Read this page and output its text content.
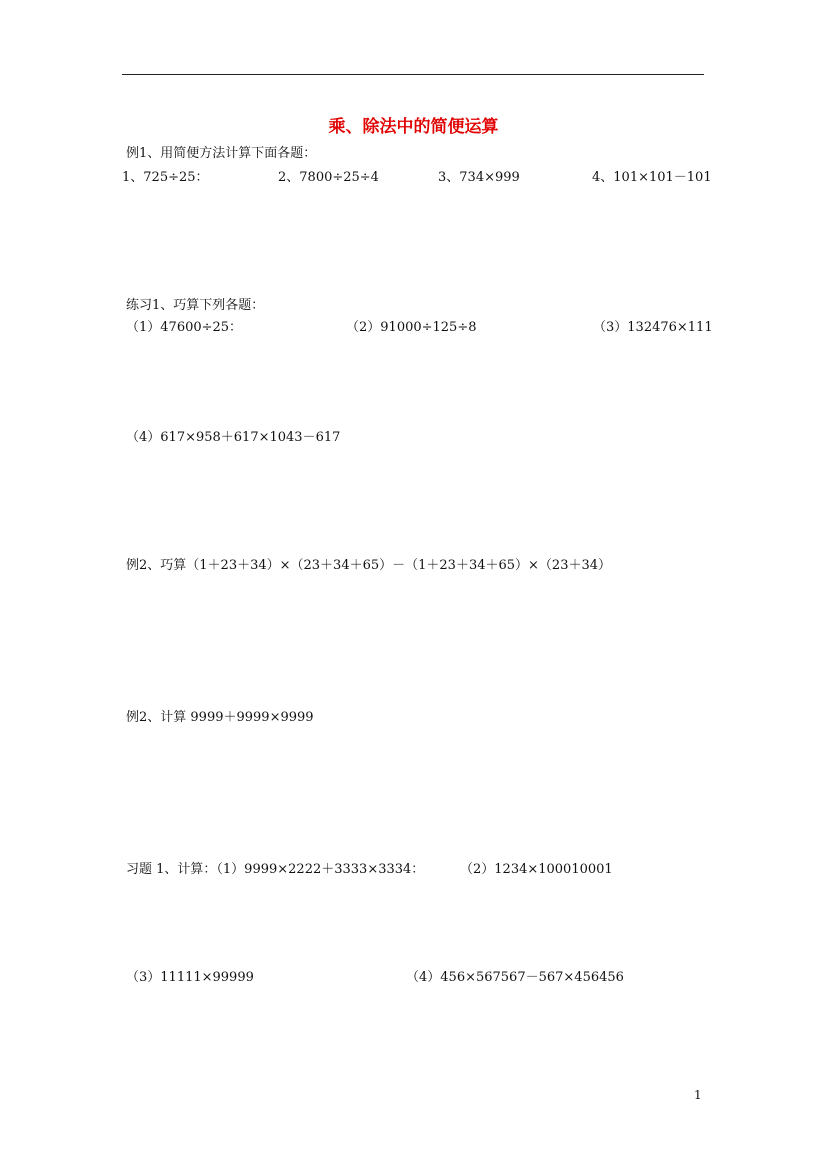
乘、除法中的简便运算
例1、用简便方法计算下面各题：
1、725÷25：	2、7800÷25÷4	3、734×999	4、101×101－101
练习1、巧算下列各题：
（1）47600÷25：	（2）91000÷125÷8	（3）132476×111
（4）617×958＋617×1043－617
例2、巧算（1＋23＋34）×（23＋34＋65）－（1＋23＋34＋65）×（23＋34）
例2、计算 9999＋9999×9999
习题 1、计算：（1）9999×2222＋3333×3334：	（2）1234×100010001
（3）11111×99999	（4）456×567567－567×456456
1
